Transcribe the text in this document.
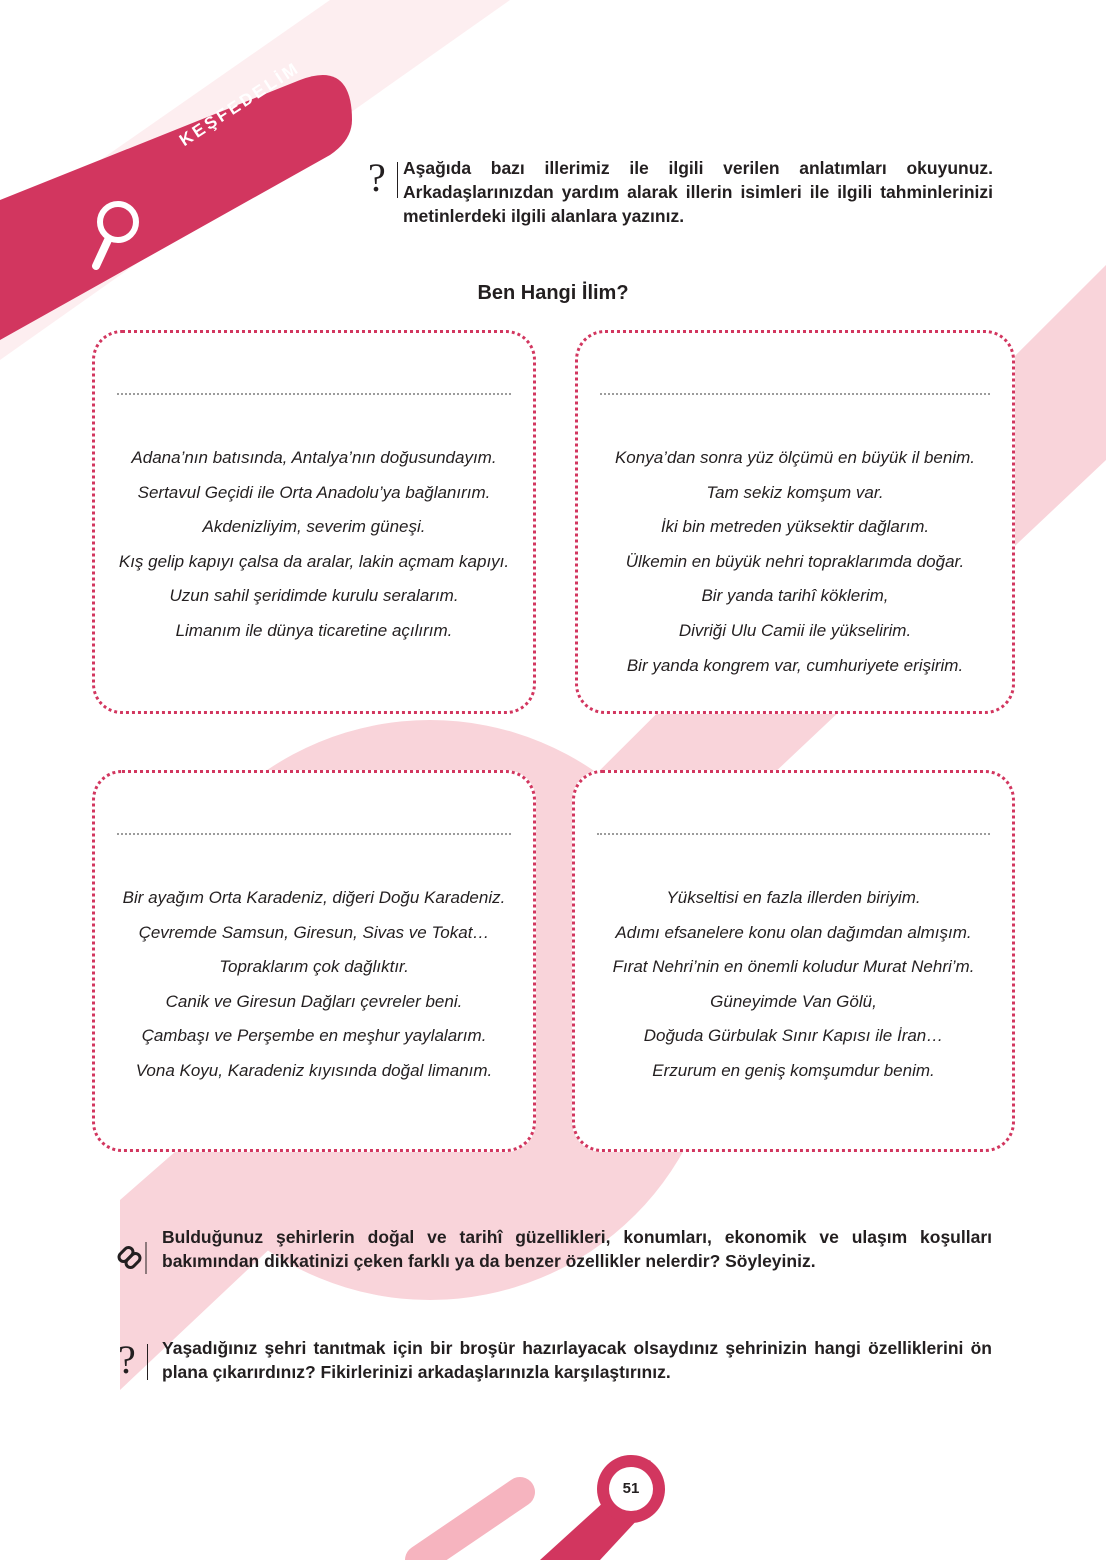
KEŞFEDELİM
? Aşağıda bazı illerimiz ile ilgili verilen anlatımları okuyunuz. Arkadaşlarınızdan yardım alarak illerin isimleri ile ilgili tahminlerinizi metinlerdeki ilgili alanlara yazınız.
Ben Hangi İlim?
Adana’nın batısında, Antalya’nın doğusundayım.
Sertavul Geçidi ile Orta Anadolu’ya bağlanırım.
Akdenizliyim, severim güneşi.
Kış gelip kapıyı çalsa da aralar, lakin açmam kapıyı.
Uzun sahil şeridimde kurulu seralarım.
Limanım ile dünya ticaretine açılırım.
Konya’dan sonra yüz ölçümü en büyük il benim.
Tam sekiz komşum var.
İki bin metreden yüksektir dağlarım.
Ülkemin en büyük nehri topraklarımda doğar.
Bir yanda tarihî köklerim,
Divriği Ulu Camii ile yükselirim.
Bir yanda kongrem var, cumhuriyete erişirim.
Bir ayağım Orta Karadeniz, diğeri Doğu Karadeniz.
Çevremde Samsun, Giresun, Sivas ve Tokat…
Topraklarım çok dağlıktır.
Canik ve Giresun Dağları çevreler beni.
Çambaşı ve Perşembe en meşhur yaylalarım.
Vona Koyu, Karadeniz kıyısında doğal limanım.
Yükseltisi en fazla illerden biriyim.
Adımı efsanelere konu olan dağımdan almışım.
Fırat Nehri’nin en önemli koludur Murat Nehri’m.
Güneyimde Van Gölü,
Doğuda Gürbulak Sınır Kapısı ile İran…
Erzurum en geniş komşumdur benim.
Bulduğunuz şehirlerin doğal ve tarihî güzellikleri, konumları, ekonomik ve ulaşım koşulları bakımından dikkatinizi çeken farklı ya da benzer özellikler nelerdir? Söyleyiniz.
? Yaşadığınız şehri tanıtmak için bir broşür hazırlayacak olsaydınız şehrinizin hangi özelliklerini ön plana çıkarırdınız? Fikirlerinizi arkadaşlarınızla karşılaştırınız.
51
